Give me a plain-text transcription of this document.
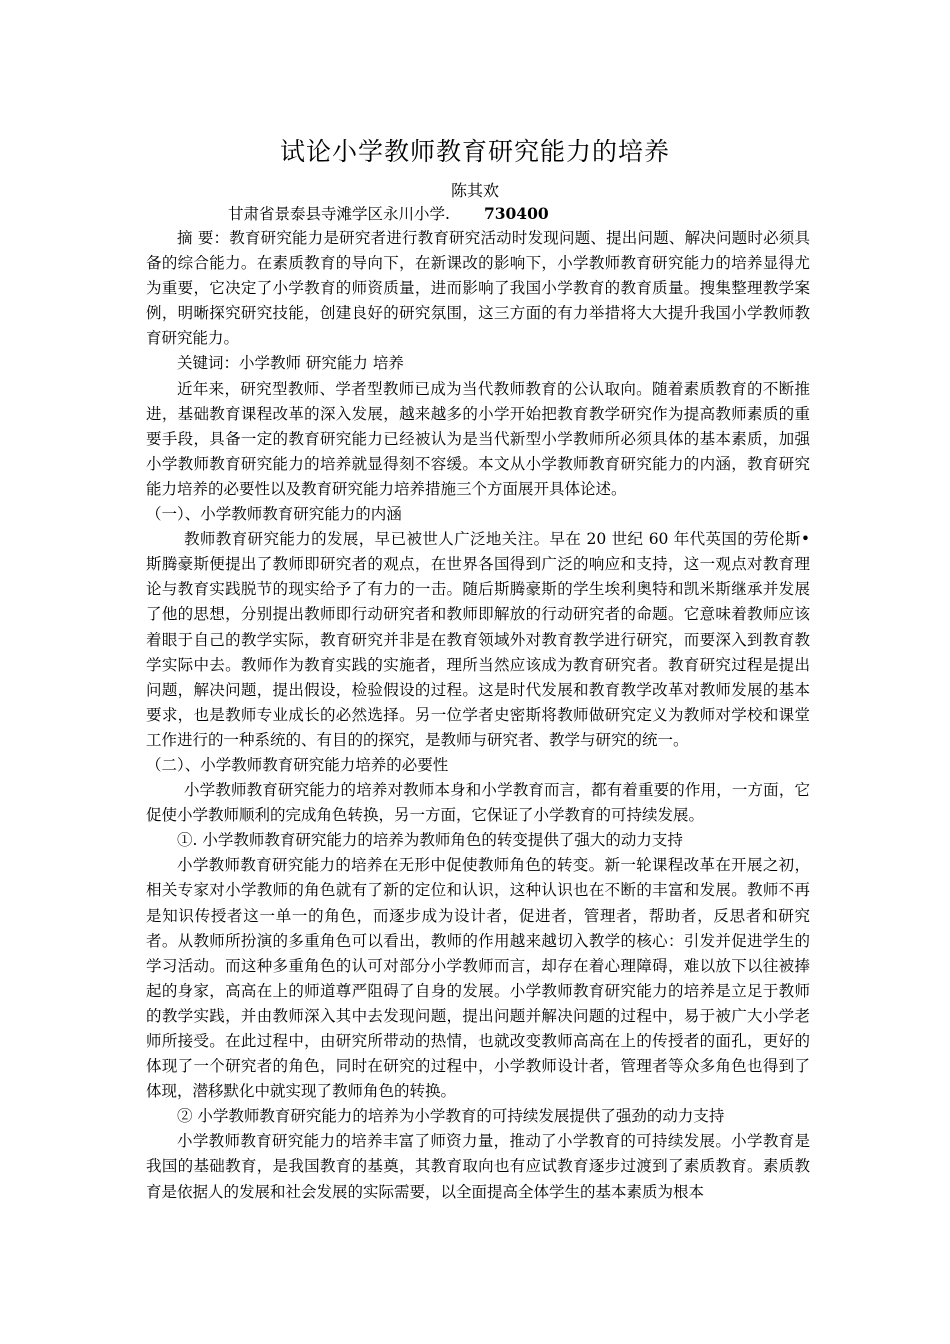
试论小学教师教育研究能力的培养
陈其欢
甘肃省景泰县寺滩学区永川小学. 730400

摘 要：教育研究能力是研究者进行教育研究活动时发现问题、提出问题、解决问题时必须具备的综合能力。在素质教育的导向下，在新课改的影响下，小学教师教育研究能力的培养显得尤为重要，它决定了小学教育的师资质量，进而影响了我国小学教育的教育质量。搜集整理教学案例，明晰探究研究技能，创建良好的研究氛围，这三方面的有力举措将大大提升我国小学教师教育研究能力。

关键词：小学教师 研究能力 培养

近年来，研究型教师、学者型教师已成为当代教师教育的公认取向。随着素质教育的不断推进，基础教育课程改革的深入发展，越来越多的小学开始把教育教学研究作为提高教师素质的重要手段，具备一定的教育研究能力已经被认为是当代新型小学教师所必须具体的基本素质，加强小学教师教育研究能力的培养就显得刻不容缓。本文从小学教师教育研究能力的内涵，教育研究能力培养的必要性以及教育研究能力培养措施三个方面展开具体论述。

（一）、小学教师教育研究能力的内涵

教师教育研究能力的发展，早已被世人广泛地关注。早在 20 世纪 60 年代英国的劳伦斯•斯腾豪斯便提出了教师即研究者的观点，在世界各国得到广泛的响应和支持，这一观点对教育理论与教育实践脱节的现实给予了有力的一击。随后斯腾豪斯的学生埃利奥特和凯米斯继承并发展了他的思想，分别提出教师即行动研究者和教师即解放的行动研究者的命题。它意味着教师应该着眼于自己的教学实际，教育研究并非是在教育领域外对教育教学进行研究，而要深入到教育教学实际中去。教师作为教育实践的实施者，理所当然应该成为教育研究者。教育研究过程是提出问题，解决问题，提出假设，检验假设的过程。这是时代发展和教育教学改革对教师发展的基本要求，也是教师专业成长的必然选择。另一位学者史密斯将教师做研究定义为教师对学校和课堂工作进行的一种系统的、有目的的探究，是教师与研究者、教学与研究的统一。

（二）、小学教师教育研究能力培养的必要性

小学教师教育研究能力的培养对教师本身和小学教育而言，都有着重要的作用，一方面，它促使小学教师顺利的完成角色转换，另一方面，它保证了小学教育的可持续发展。

①. 小学教师教育研究能力的培养为教师角色的转变提供了强大的动力支持

小学教师教育研究能力的培养在无形中促使教师角色的转变。新一轮课程改革在开展之初，相关专家对小学教师的角色就有了新的定位和认识，这种认识也在不断的丰富和发展。教师不再是知识传授者这一单一的角色，而逐步成为设计者，促进者，管理者，帮助者，反思者和研究者。从教师所扮演的多重角色可以看出，教师的作用越来越切入教学的核心：引发并促进学生的学习活动。而这种多重角色的认可对部分小学教师而言，却存在着心理障碍，难以放下以往被捧起的身家，高高在上的师道尊严阻碍了自身的发展。小学教师教育研究能力的培养是立足于教师的教学实践，并由教师深入其中去发现问题，提出问题并解决问题的过程中，易于被广大小学老师所接受。在此过程中，由研究所带动的热情，也就改变教师高高在上的传授者的面孔，更好的体现了一个研究者的角色，同时在研究的过程中，小学教师设计者，管理者等众多角色也得到了体现，潜移默化中就实现了教师角色的转换。

② 小学教师教育研究能力的培养为小学教育的可持续发展提供了强劲的动力支持

小学教师教育研究能力的培养丰富了师资力量，推动了小学教育的可持续发展。小学教育是我国的基础教育，是我国教育的基奠，其教育取向也有应试教育逐步过渡到了素质教育。素质教育是依据人的发展和社会发展的实际需要，以全面提高全体学生的基本素质为根本
